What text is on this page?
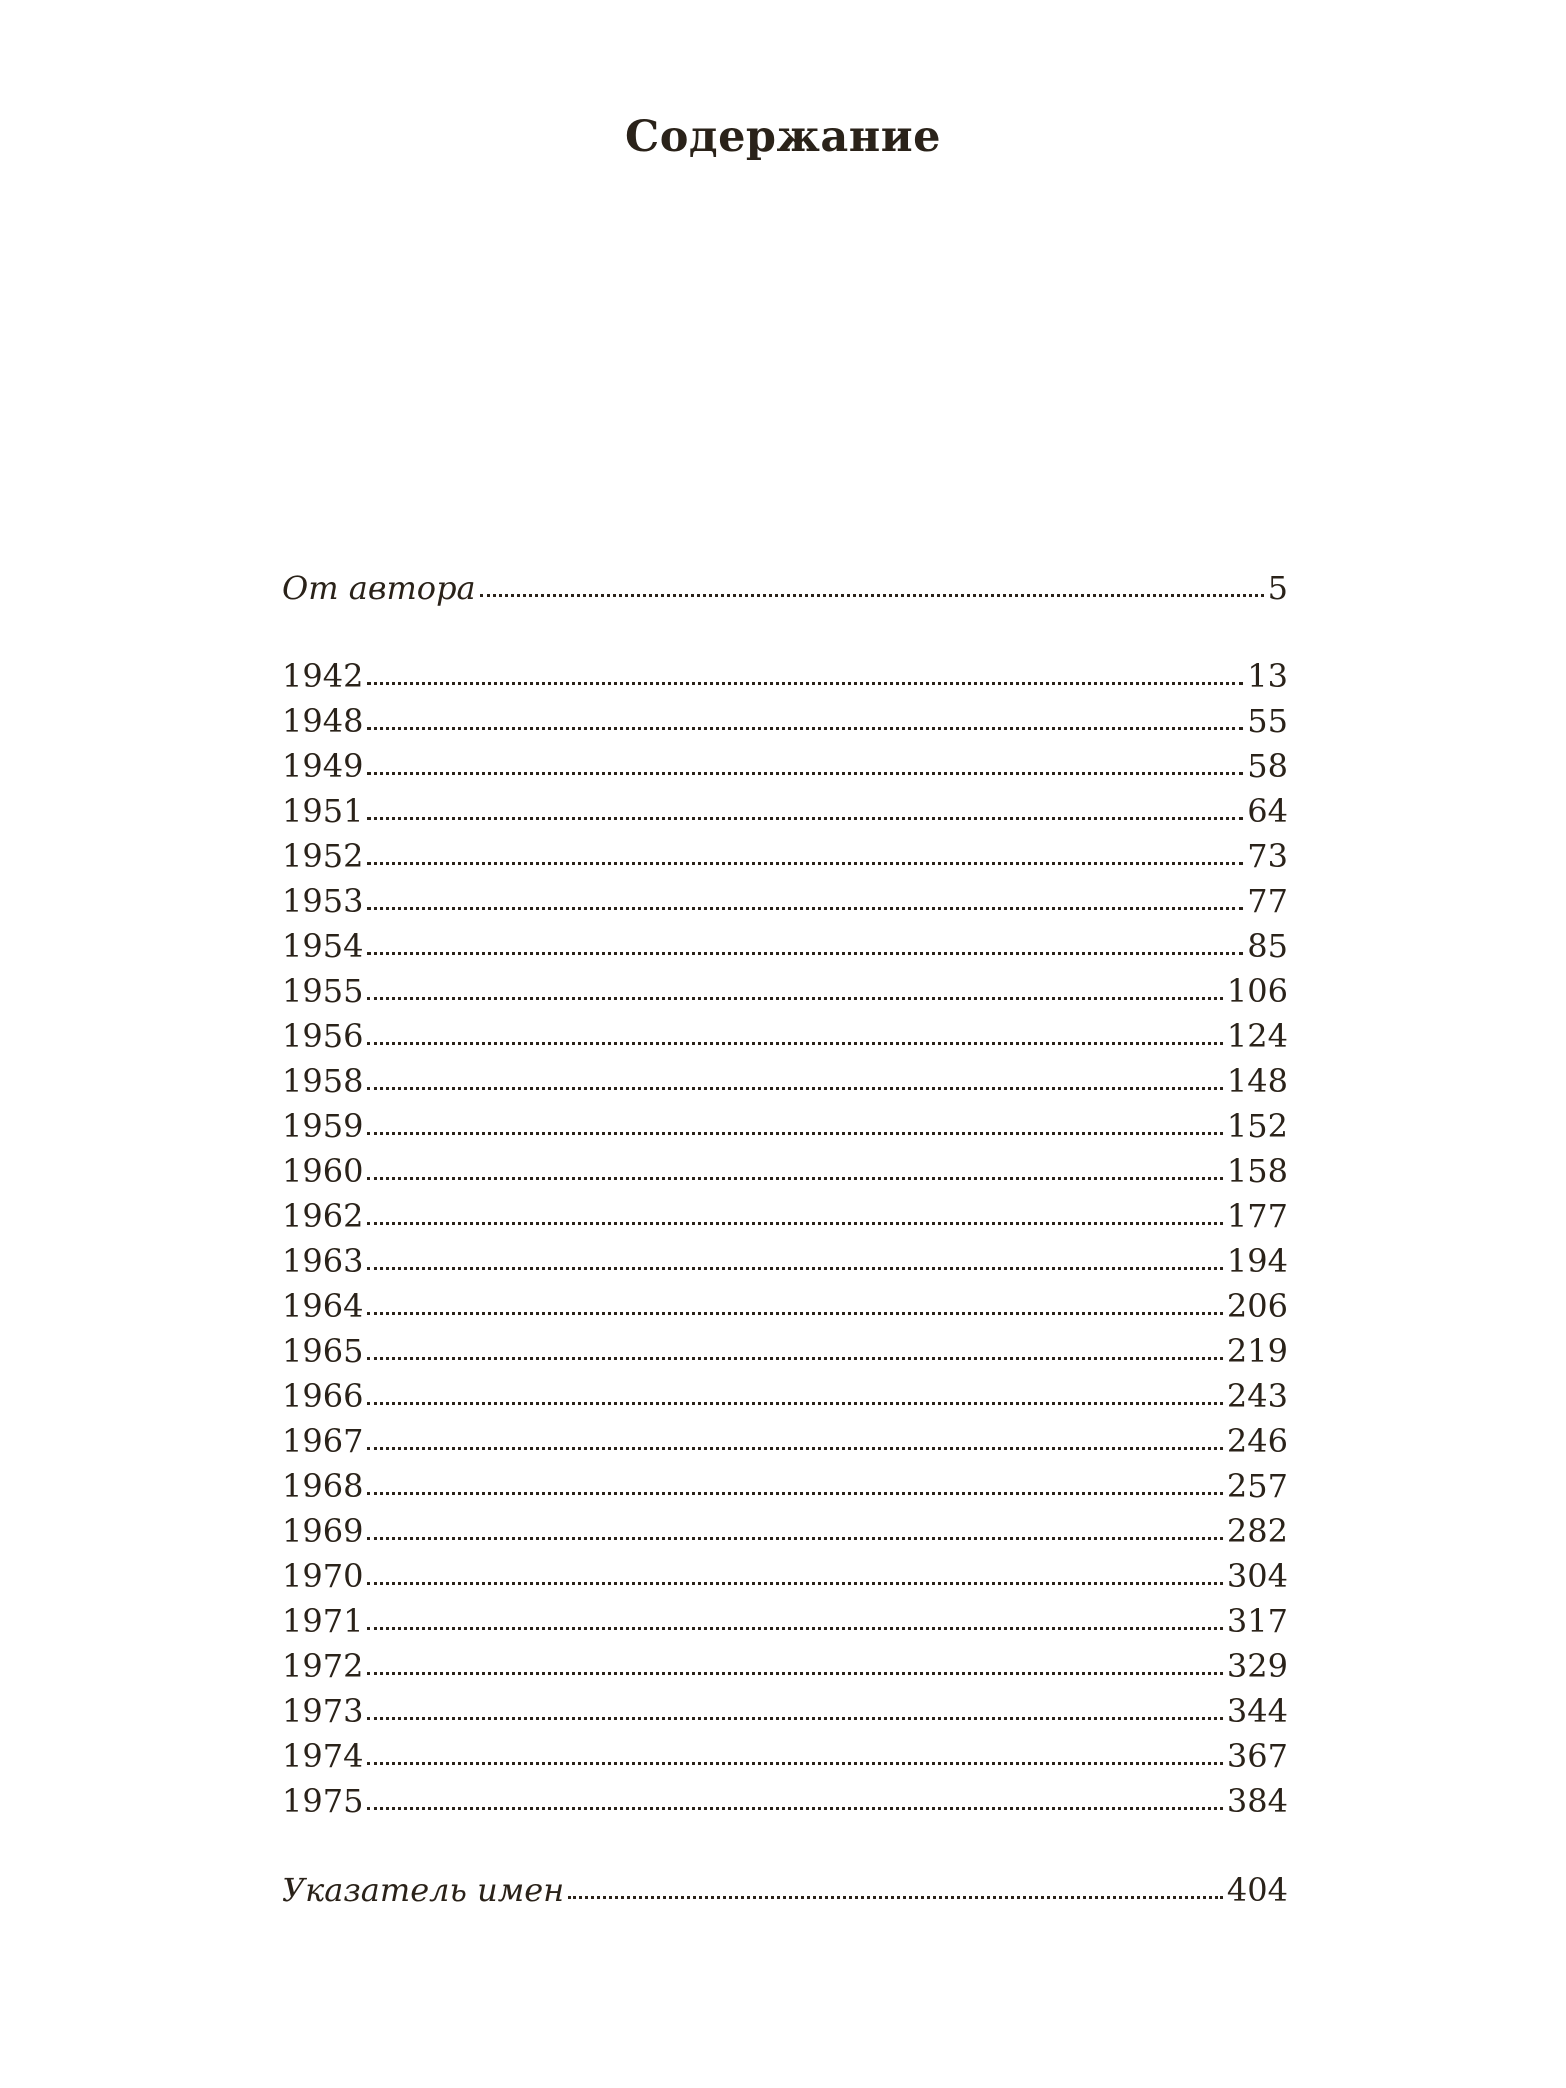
Содержание
От автора	5
1942	13
1948	55
1949	58
1951	64
1952	73
1953	77
1954	85
1955	106
1956	124
1958	148
1959	152
1960	158
1962	177
1963	194
1964	206
1965	219
1966	243
1967	246
1968	257
1969	282
1970	304
1971	317
1972	329
1973	344
1974	367
1975	384
Указатель имен	404
